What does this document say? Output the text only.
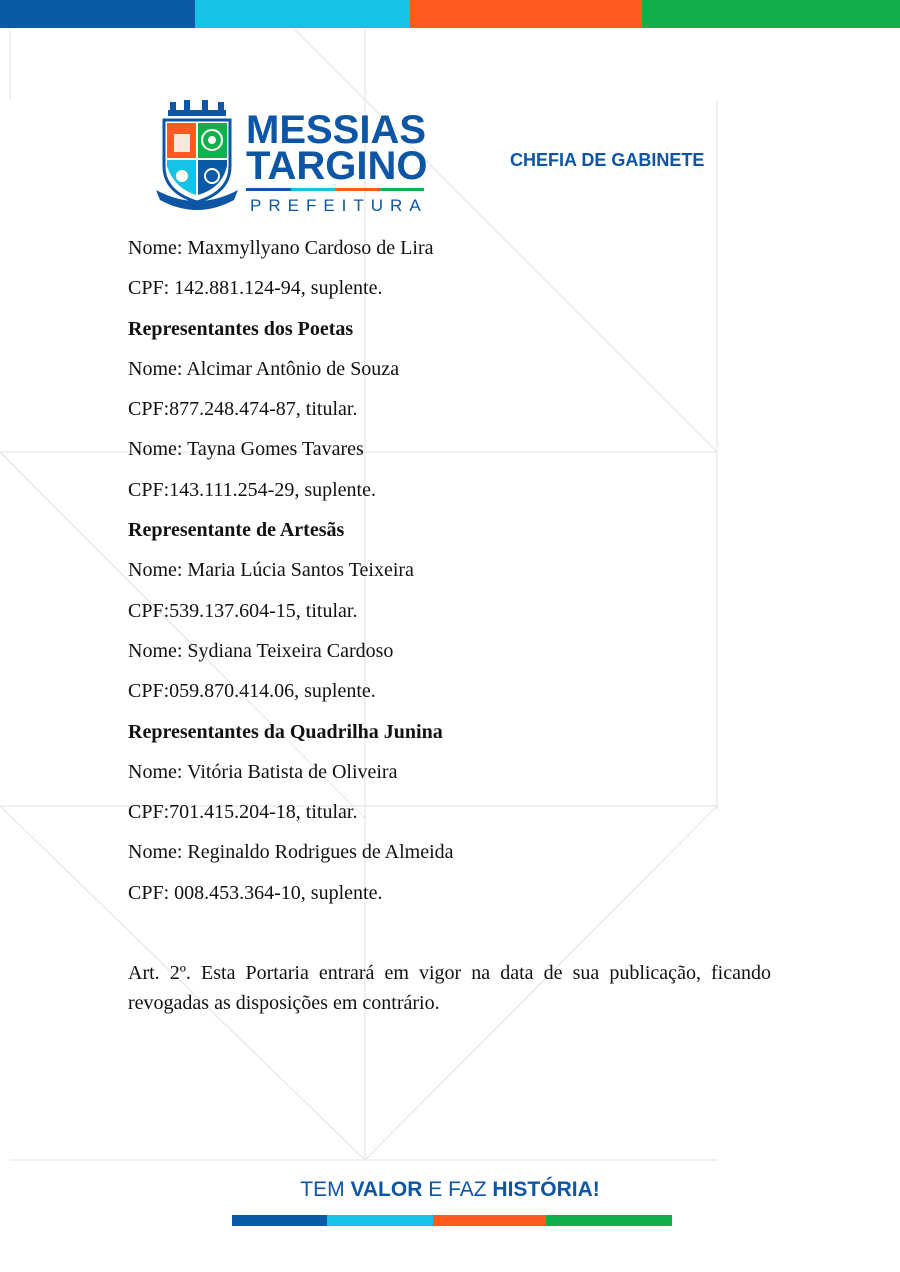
MESSIAS
TARGINO
PREFEITURA
CHEFIA DE GABINETE
Nome: Maxmyllyano Cardoso de Lira
CPF: 142.881.124-94, suplente.
Representantes dos Poetas
Nome: Alcimar Antônio de Souza
CPF:877.248.474-87, titular.
Nome: Tayna Gomes Tavares
CPF:143.111.254-29, suplente.
Representante de Artesãs
Nome: Maria Lúcia Santos Teixeira
CPF:539.137.604-15, titular.
Nome: Sydiana Teixeira Cardoso
CPF:059.870.414.06, suplente.
Representantes da Quadrilha Junina
Nome: Vitória Batista de Oliveira
CPF:701.415.204-18, titular.
Nome: Reginaldo Rodrigues de Almeida
CPF: 008.453.364-10, suplente.
Art. 2º. Esta Portaria entrará em vigor na data de sua publicação, ficando revogadas as disposições em contrário.
TEM VALOR E FAZ HISTÓRIA!
